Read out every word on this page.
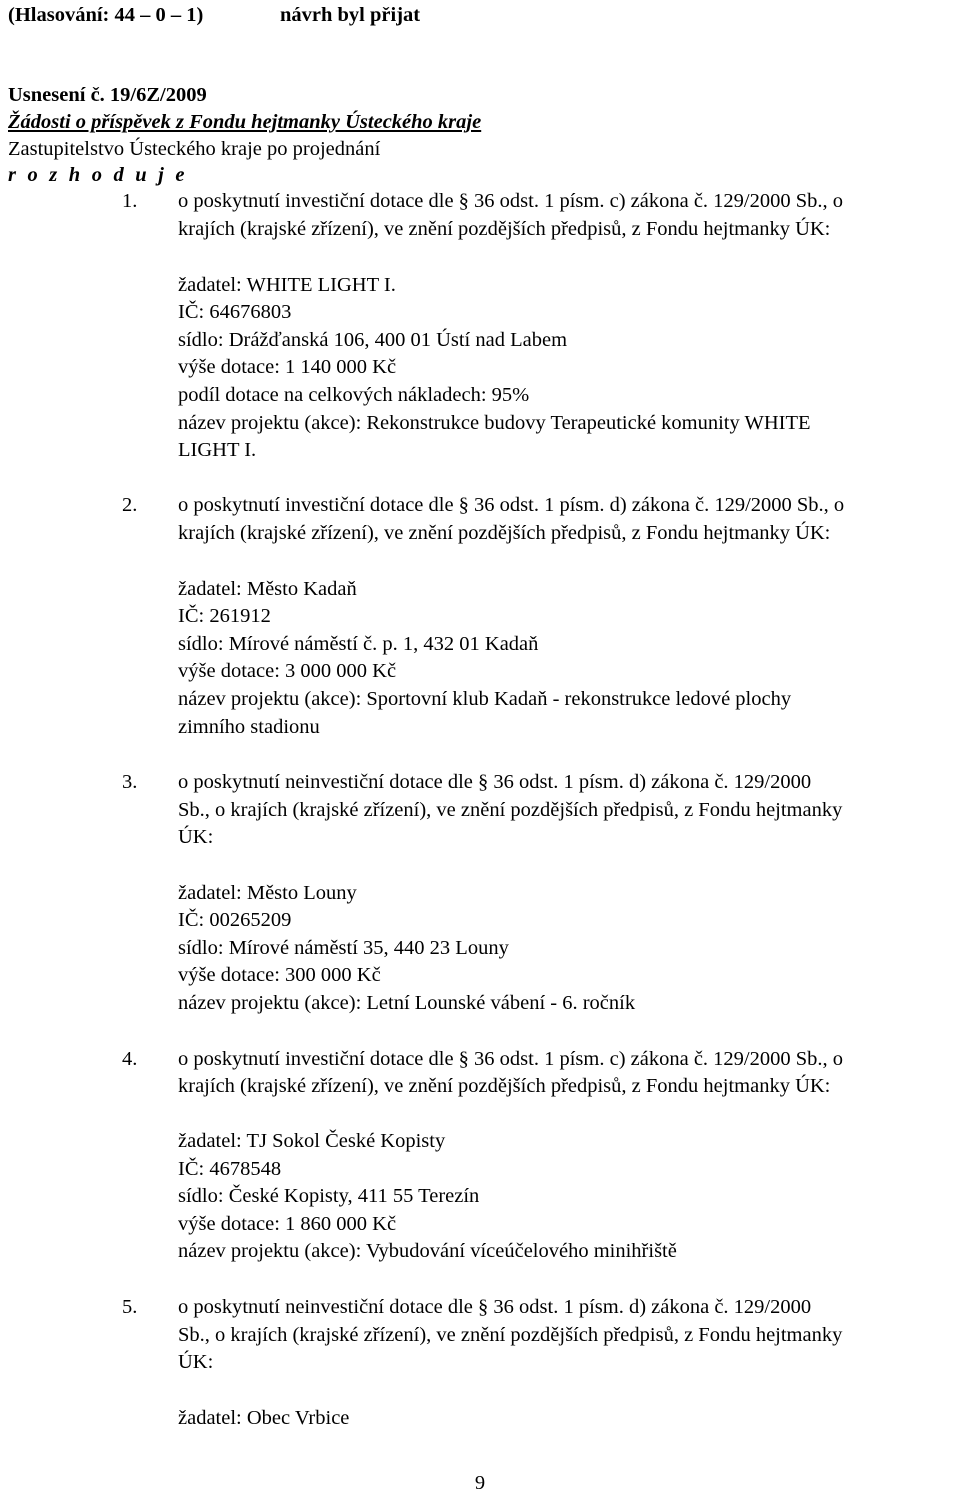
(Hlasování: 44 – 0 – 1)	návrh byl přijat
Usnesení č. 19/6Z/2009
Žádosti o příspěvek z Fondu hejtmanky Ústeckého kraje
Zastupitelstvo Ústeckého kraje po projednání
r o z h o d u j e
1. o poskytnutí investiční dotace dle § 36 odst. 1 písm. c) zákona č. 129/2000 Sb., o
krajích (krajské zřízení), ve znění pozdějších předpisů, z Fondu hejtmanky ÚK:
žadatel: WHITE LIGHT I.
IČ: 64676803
sídlo: Drážďanská 106, 400 01 Ústí nad Labem
výše dotace: 1 140 000 Kč
podíl dotace na celkových nákladech: 95%
název projektu (akce): Rekonstrukce budovy Terapeutické komunity WHITE
LIGHT I.
2. o poskytnutí investiční dotace dle § 36 odst. 1 písm. d) zákona č. 129/2000 Sb., o
krajích (krajské zřízení), ve znění pozdějších předpisů, z Fondu hejtmanky ÚK:
žadatel: Město Kadaň
IČ: 261912
sídlo: Mírové náměstí č. p. 1, 432 01 Kadaň
výše dotace: 3 000 000 Kč
název projektu (akce): Sportovní klub Kadaň - rekonstrukce ledové plochy
zimního stadionu
3. o poskytnutí neinvestiční dotace dle § 36 odst. 1 písm. d) zákona č. 129/2000
Sb., o krajích (krajské zřízení), ve znění pozdějších předpisů, z Fondu hejtmanky
ÚK:
žadatel: Město Louny
IČ: 00265209
sídlo: Mírové náměstí 35, 440 23 Louny
výše dotace: 300 000 Kč
název projektu (akce): Letní Lounské vábení - 6. ročník
4. o poskytnutí investiční dotace dle § 36 odst. 1 písm. c) zákona č. 129/2000 Sb., o
krajích (krajské zřízení), ve znění pozdějších předpisů, z Fondu hejtmanky ÚK:
žadatel: TJ Sokol České Kopisty
IČ: 4678548
sídlo: České Kopisty, 411 55 Terezín
výše dotace: 1 860 000 Kč
název projektu (akce): Vybudování víceúčelového minihřiště
5. o poskytnutí neinvestiční dotace dle § 36 odst. 1 písm. d) zákona č. 129/2000
Sb., o krajích (krajské zřízení), ve znění pozdějších předpisů, z Fondu hejtmanky
ÚK:
žadatel: Obec Vrbice
9
